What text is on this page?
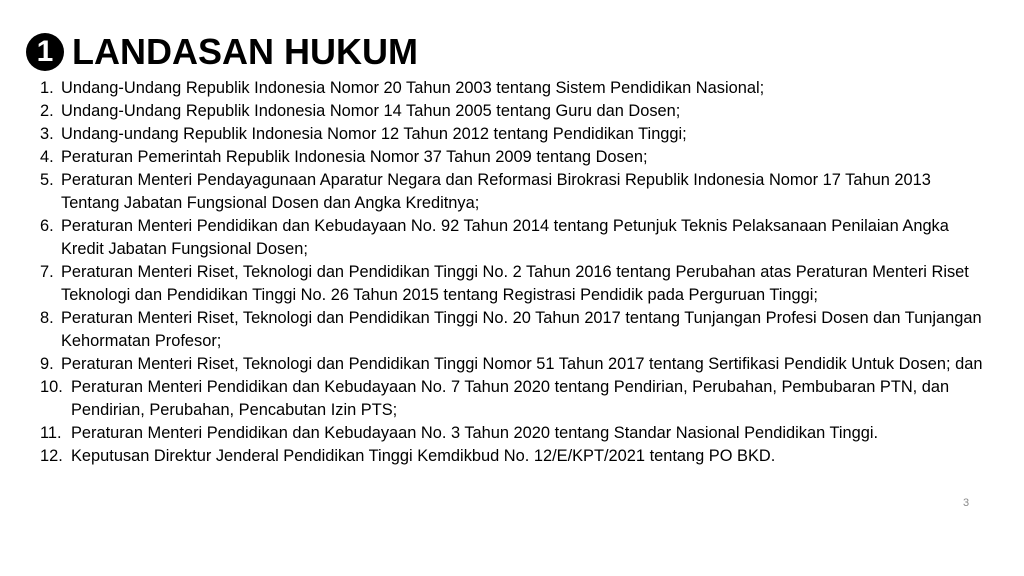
1 LANDASAN HUKUM
1. Undang-Undang Republik Indonesia Nomor 20 Tahun 2003 tentang Sistem Pendidikan Nasional;
2. Undang-Undang Republik Indonesia Nomor 14 Tahun 2005 tentang Guru dan Dosen;
3. Undang-undang Republik Indonesia Nomor 12 Tahun 2012 tentang Pendidikan Tinggi;
4. Peraturan Pemerintah Republik Indonesia Nomor 37 Tahun 2009 tentang Dosen;
5. Peraturan Menteri Pendayagunaan Aparatur Negara dan Reformasi Birokrasi Republik Indonesia Nomor 17 Tahun 2013 Tentang Jabatan Fungsional Dosen dan Angka Kreditnya;
6. Peraturan Menteri Pendidikan dan Kebudayaan No. 92 Tahun 2014 tentang Petunjuk Teknis Pelaksanaan Penilaian Angka Kredit Jabatan Fungsional Dosen;
7. Peraturan Menteri Riset, Teknologi dan Pendidikan Tinggi No. 2 Tahun 2016 tentang Perubahan atas Peraturan Menteri Riset Teknologi dan Pendidikan Tinggi No. 26 Tahun 2015 tentang Registrasi Pendidik pada Perguruan Tinggi;
8. Peraturan Menteri Riset, Teknologi dan Pendidikan Tinggi No. 20 Tahun 2017 tentang Tunjangan Profesi Dosen dan Tunjangan Kehormatan Profesor;
9. Peraturan Menteri Riset, Teknologi dan Pendidikan Tinggi Nomor 51 Tahun 2017 tentang Sertifikasi Pendidik Untuk Dosen; dan
10. Peraturan Menteri Pendidikan dan Kebudayaan No. 7 Tahun 2020 tentang Pendirian, Perubahan, Pembubaran PTN, dan Pendirian, Perubahan, Pencabutan Izin PTS;
11. Peraturan Menteri Pendidikan dan Kebudayaan No. 3 Tahun 2020 tentang Standar Nasional Pendidikan Tinggi.
12. Keputusan Direktur Jenderal Pendidikan Tinggi Kemdikbud No. 12/E/KPT/2021 tentang PO BKD.
3
